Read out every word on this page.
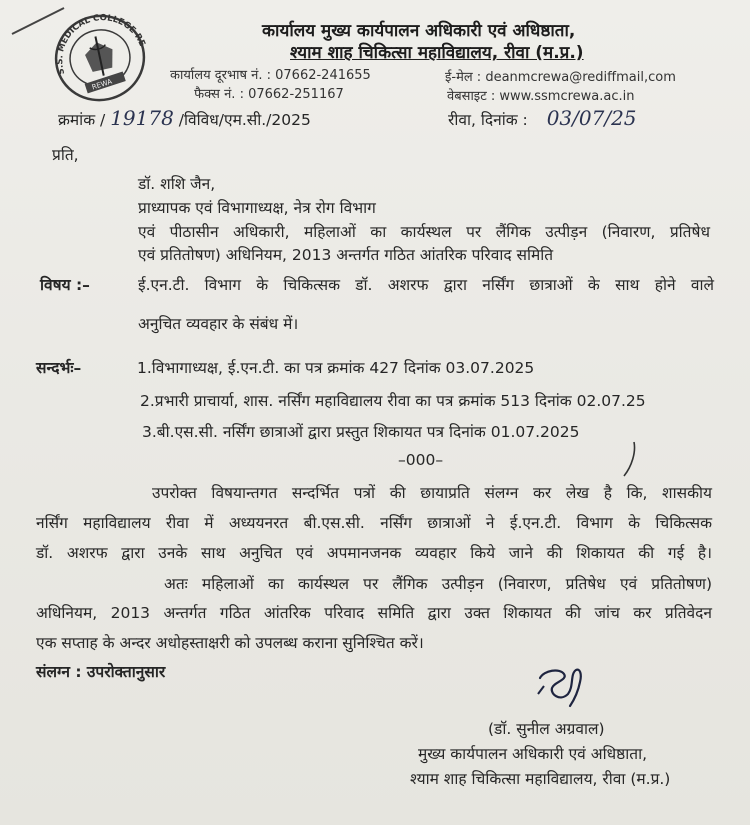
S.S. MEDICAL COLLEGE REWA
REWA
कार्यालय मुख्य कार्यपालन अधिकारी एवं अधिष्ठाता,
श्याम शाह चिकित्सा महाविद्यालय, रीवा (म.प्र.)
कार्यालय दूरभाष नं. : 07662-241655	ई-मेल : deanmcrewa@rediffmail,com
फैक्स नं. : 07662-251167	वेबसाइट : www.ssmcrewa.ac.in
क्रमांक / 19178 /विविध/एम.सी./2025	रीवा, दिनांक : 03/07/25
प्रति,
डॉ. शशि जैन,
प्राध्यापक एवं विभागाध्यक्ष, नेत्र रोग विभाग
एवं पीठासीन अधिकारी, महिलाओं का कार्यस्थल पर लैंगिक उत्पीड़न (निवारण, प्रतिषेध
एवं प्रतितोषण) अधिनियम, 2013 अन्तर्गत गठित आंतरिक परिवाद समिति
विषय :–	ई.एन.टी. विभाग के चिकित्सक डॉ. अशरफ द्वारा नर्सिंग छात्राओं के साथ होने वाले
अनुचित व्यवहार के संबंध में।
सन्दर्भः–	1.विभागाध्यक्ष, ई.एन.टी. का पत्र क्रमांक 427 दिनांक 03.07.2025
2.प्रभारी प्राचार्या, शास. नर्सिंग महाविद्यालय रीवा का पत्र क्रमांक 513 दिनांक 02.07.25
3.बी.एस.सी. नर्सिंग छात्राओं द्वारा प्रस्तुत शिकायत पत्र दिनांक 01.07.2025
–000–
उपरोक्त विषयान्तगत सन्दर्भित पत्रों की छायाप्रति संलग्न कर लेख है कि, शासकीय
नर्सिंग महाविद्यालय रीवा में अध्ययनरत बी.एस.सी. नर्सिंग छात्राओं ने ई.एन.टी. विभाग के चिकित्सक
डॉ. अशरफ द्वारा उनके साथ अनुचित एवं अपमानजनक व्यवहार किये जाने की शिकायत की गई है।
अतः महिलाओं का कार्यस्थल पर लैंगिक उत्पीड़न (निवारण, प्रतिषेध एवं प्रतितोषण)
अधिनियम, 2013 अन्तर्गत गठित आंतरिक परिवाद समिति द्वारा उक्त शिकायत की जांच कर प्रतिवेदन
एक सप्ताह के अन्दर अधोहस्ताक्षरी को उपलब्ध कराना सुनिश्चित करें।
संलग्न : उपरोक्तानुसार
(डॉ. सुनील अग्रवाल)
मुख्य कार्यपालन अधिकारी एवं अधिष्ठाता,
श्याम शाह चिकित्सा महाविद्यालय, रीवा (म.प्र.)
